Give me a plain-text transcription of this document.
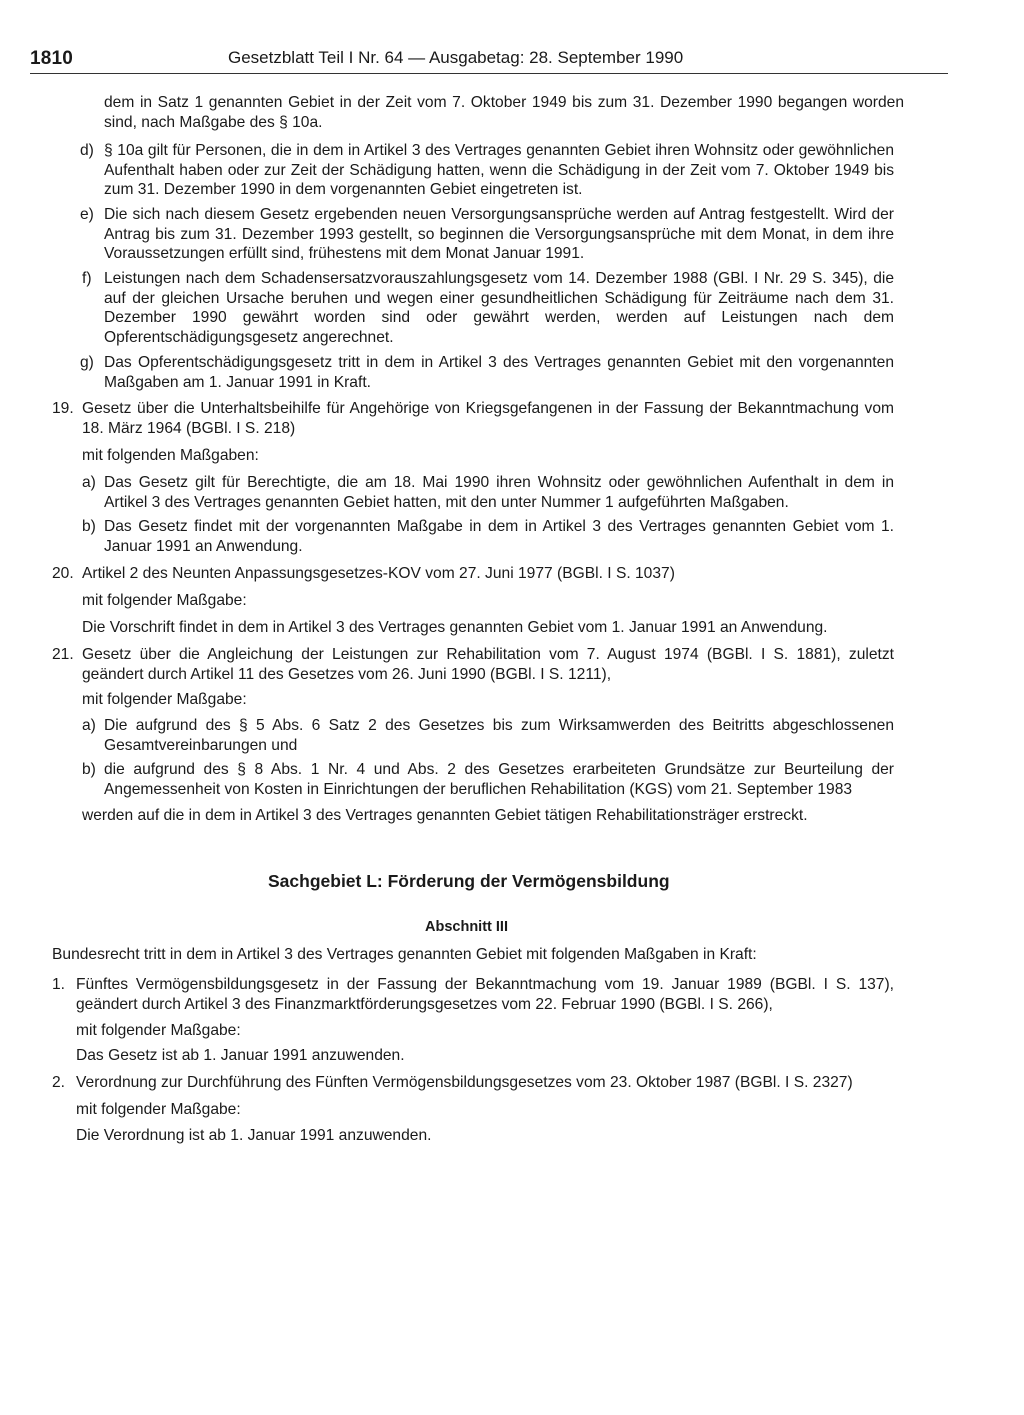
1810	Gesetzblatt Teil I Nr. 64 — Ausgabetag: 28. September 1990
dem in Satz 1 genannten Gebiet in der Zeit vom 7. Oktober 1949 bis zum 31. Dezember 1990 begangen worden sind, nach Maßgabe des § 10a.
d) § 10a gilt für Personen, die in dem in Artikel 3 des Vertrages genannten Gebiet ihren Wohnsitz oder gewöhnlichen Aufenthalt haben oder zur Zeit der Schädigung hatten, wenn die Schädigung in der Zeit vom 7. Oktober 1949 bis zum 31. Dezember 1990 in dem vorgenannten Gebiet eingetreten ist.
e) Die sich nach diesem Gesetz ergebenden neuen Versorgungsansprüche werden auf Antrag festgestellt. Wird der Antrag bis zum 31. Dezember 1993 gestellt, so beginnen die Versorgungsansprüche mit dem Monat, in dem ihre Voraussetzungen erfüllt sind, frühestens mit dem Monat Januar 1991.
f) Leistungen nach dem Schadensersatzvorauszahlungsgesetz vom 14. Dezember 1988 (GBl. I Nr. 29 S. 345), die auf der gleichen Ursache beruhen und wegen einer gesundheitlichen Schädigung für Zeiträume nach dem 31. Dezember 1990 gewährt worden sind oder gewährt werden, werden auf Leistungen nach dem Opferentschädigungsgesetz angerechnet.
g) Das Opferentschädigungsgesetz tritt in dem in Artikel 3 des Vertrages genannten Gebiet mit den vorgenannten Maßgaben am 1. Januar 1991 in Kraft.
19. Gesetz über die Unterhaltsbeihilfe für Angehörige von Kriegsgefangenen in der Fassung der Bekanntmachung vom 18. März 1964 (BGBl. I S. 218)
mit folgenden Maßgaben:
a) Das Gesetz gilt für Berechtigte, die am 18. Mai 1990 ihren Wohnsitz oder gewöhnlichen Aufenthalt in dem in Artikel 3 des Vertrages genannten Gebiet hatten, mit den unter Nummer 1 aufgeführten Maßgaben.
b) Das Gesetz findet mit der vorgenannten Maßgabe in dem in Artikel 3 des Vertrages genannten Gebiet vom 1. Januar 1991 an Anwendung.
20. Artikel 2 des Neunten Anpassungsgesetzes-KOV vom 27. Juni 1977 (BGBl. I S. 1037)
mit folgender Maßgabe:
Die Vorschrift findet in dem in Artikel 3 des Vertrages genannten Gebiet vom 1. Januar 1991 an Anwendung.
21. Gesetz über die Angleichung der Leistungen zur Rehabilitation vom 7. August 1974 (BGBl. I S. 1881), zuletzt geändert durch Artikel 11 des Gesetzes vom 26. Juni 1990 (BGBl. I S. 1211),
mit folgender Maßgabe:
a) Die aufgrund des § 5 Abs. 6 Satz 2 des Gesetzes bis zum Wirksamwerden des Beitritts abgeschlossenen Gesamtvereinbarungen und
b) die aufgrund des § 8 Abs. 1 Nr. 4 und Abs. 2 des Gesetzes erarbeiteten Grundsätze zur Beurteilung der Angemessenheit von Kosten in Einrichtungen der beruflichen Rehabilitation (KGS) vom 21. September 1983
werden auf die in dem in Artikel 3 des Vertrages genannten Gebiet tätigen Rehabilitationsträger erstreckt.
Sachgebiet L: Förderung der Vermögensbildung
Abschnitt III
Bundesrecht tritt in dem in Artikel 3 des Vertrages genannten Gebiet mit folgenden Maßgaben in Kraft:
1. Fünftes Vermögensbildungsgesetz in der Fassung der Bekanntmachung vom 19. Januar 1989 (BGBl. I S. 137), geändert durch Artikel 3 des Finanzmarktförderungsgesetzes vom 22. Februar 1990 (BGBl. I S. 266),
mit folgender Maßgabe:
Das Gesetz ist ab 1. Januar 1991 anzuwenden.
2. Verordnung zur Durchführung des Fünften Vermögensbildungsgesetzes vom 23. Oktober 1987 (BGBl. I S. 2327)
mit folgender Maßgabe:
Die Verordnung ist ab 1. Januar 1991 anzuwenden.
